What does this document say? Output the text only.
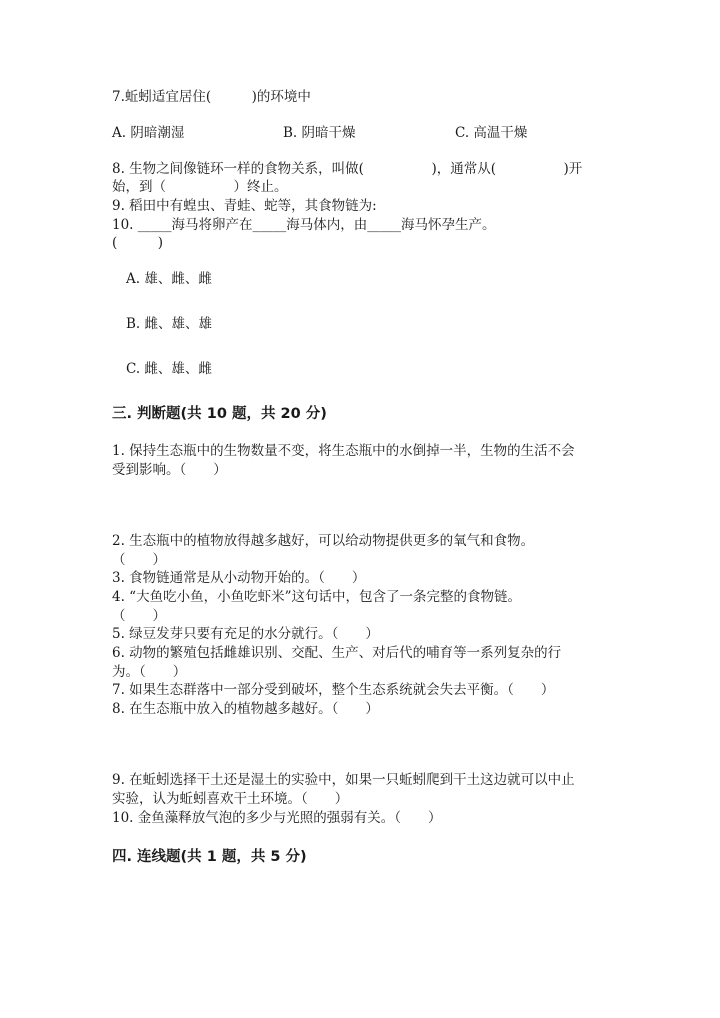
7.蚯蚓适宜居住(　　　)的环境中
A. 阴暗潮湿	B. 阴暗干燥	C. 高温干燥
8. 生物之间像链环一样的食物关系，叫做(　　　　　)，通常从(　　　　　)开
始，到（　　　　　）终止。
9. 稻田中有蝗虫、青蛙、蛇等，其食物链为:
10. _____海马将卵产在_____海马体内，由_____海马怀孕生产。
(　　　)
A. 雄、雌、雌
B. 雌、雄、雄
C. 雌、雄、雌
三. 判断题(共 10 题，共 20 分)
1. 保持生态瓶中的生物数量不变，将生态瓶中的水倒掉一半，生物的生活不会
受到影响。（　　）
2. 生态瓶中的植物放得越多越好，可以给动物提供更多的氧气和食物。
（　　）
3. 食物链通常是从小动物开始的。（　　）
4. “大鱼吃小鱼，小鱼吃虾米”这句话中，包含了一条完整的食物链。
（　　）
5. 绿豆发芽只要有充足的水分就行。（　　）
6. 动物的繁殖包括雌雄识别、交配、生产、对后代的哺育等一系列复杂的行
为。（　　）
7. 如果生态群落中一部分受到破坏，整个生态系统就会失去平衡。（　　）
8. 在生态瓶中放入的植物越多越好。（　　）
9. 在蚯蚓选择干土还是湿土的实验中，如果一只蚯蚓爬到干土这边就可以中止
实验，认为蚯蚓喜欢干土环境。（　　）
10. 金鱼藻释放气泡的多少与光照的强弱有关。（　　）
四. 连线题(共 1 题，共 5 分)
